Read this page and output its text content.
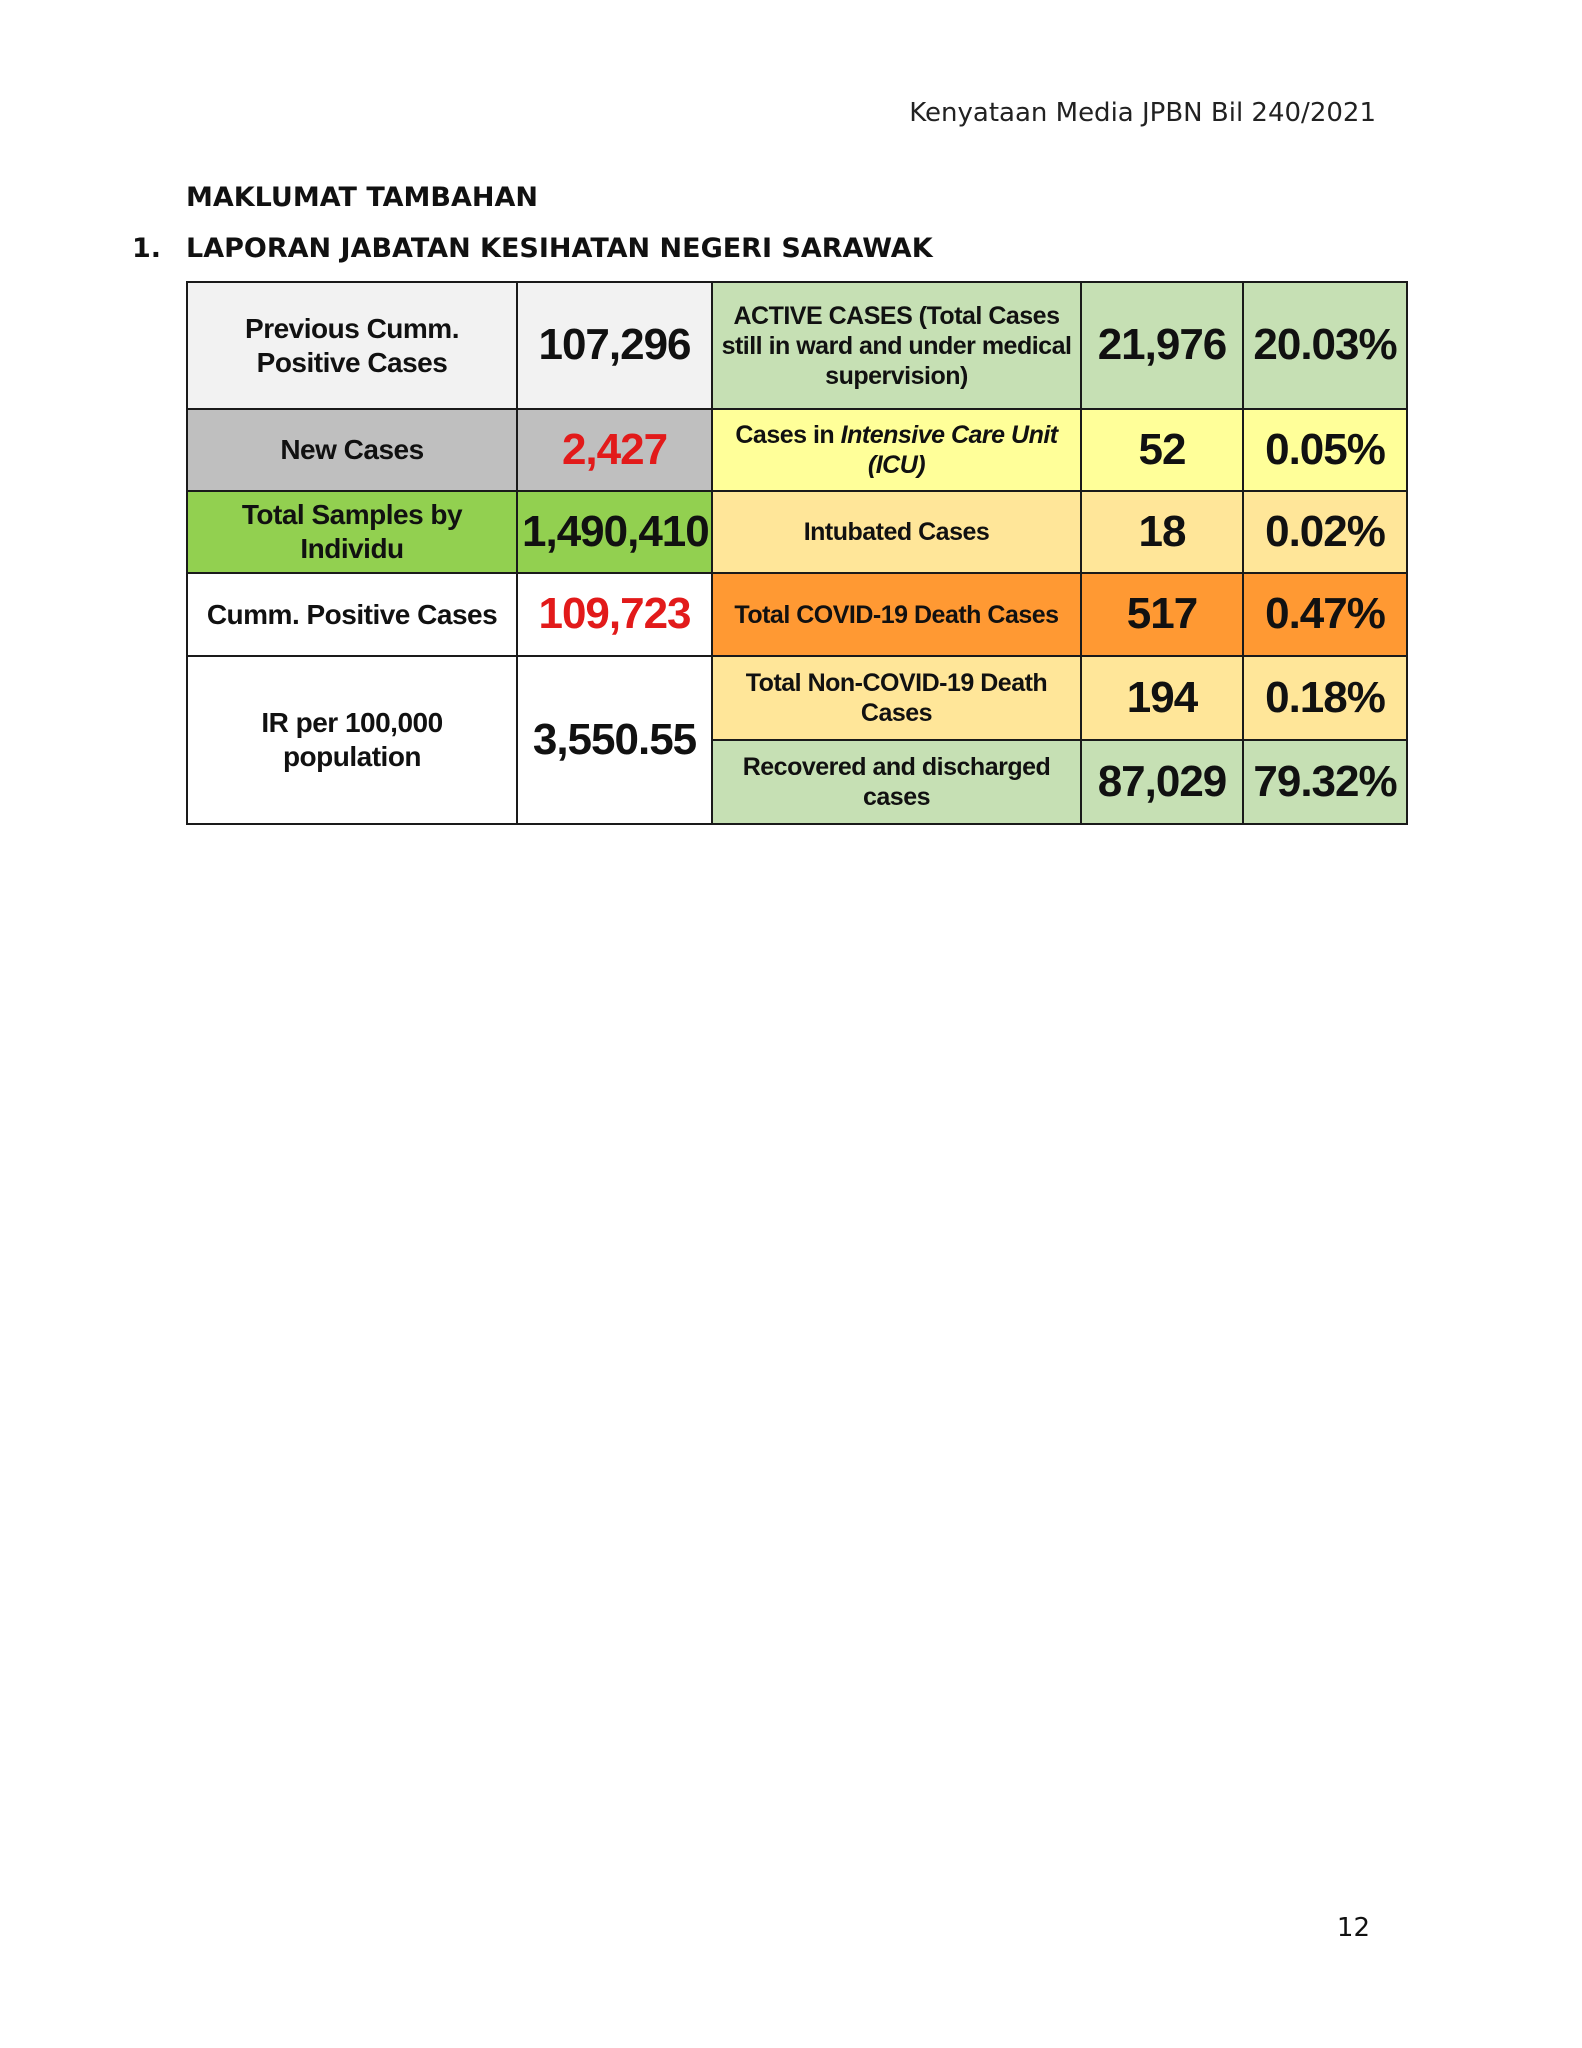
Kenyataan Media JPBN Bil 240/2021
MAKLUMAT TAMBAHAN
1. LAPORAN JABATAN KESIHATAN NEGERI SARAWAK
Previous Cumm. Positive Cases	107,296	ACTIVE CASES (Total Cases still in ward and under medical supervision)	21,976	20.03%
New Cases	2,427	Cases in Intensive Care Unit (ICU)	52	0.05%
Total Samples by Individu	1,490,410	Intubated Cases	18	0.02%
Cumm. Positive Cases	109,723	Total COVID-19 Death Cases	517	0.47%
IR per 100,000 population	3,550.55	Total Non-COVID-19 Death Cases	194	0.18%
		Recovered and discharged cases	87,029	79.32%
12
